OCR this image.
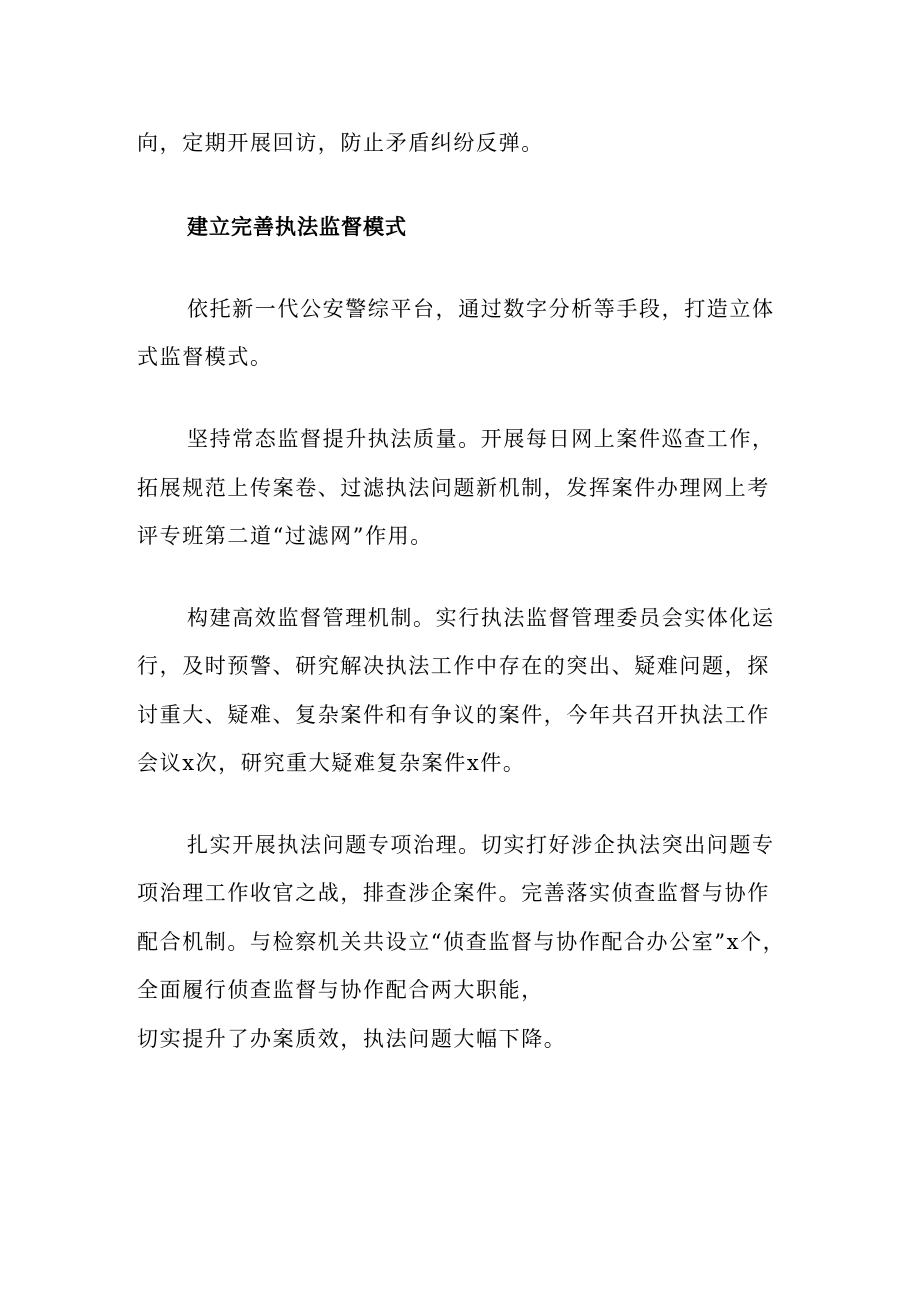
向，定期开展回访，防止矛盾纠纷反弹。
建立完善执法监督模式
依托新一代公安警综平台，通过数字分析等手段，打造立体
式监督模式。
坚持常态监督提升执法质量。开展每日网上案件巡查工作，
拓展规范上传案卷、过滤执法问题新机制，发挥案件办理网上考
评专班第二道“过滤网”作用。
构建高效监督管理机制。实行执法监督管理委员会实体化运
行，及时预警、研究解决执法工作中存在的突出、疑难问题，探
讨重大、疑难、复杂案件和有争议的案件，今年共召开执法工作
会议x次，研究重大疑难复杂案件x件。
扎实开展执法问题专项治理。切实打好涉企执法突出问题专
项治理工作收官之战，排查涉企案件。完善落实侦查监督与协作
配合机制。与检察机关共设立“侦查监督与协作配合办公室”x个，
全面履行侦查监督与协作配合两大职能，
切实提升了办案质效，执法问题大幅下降。
